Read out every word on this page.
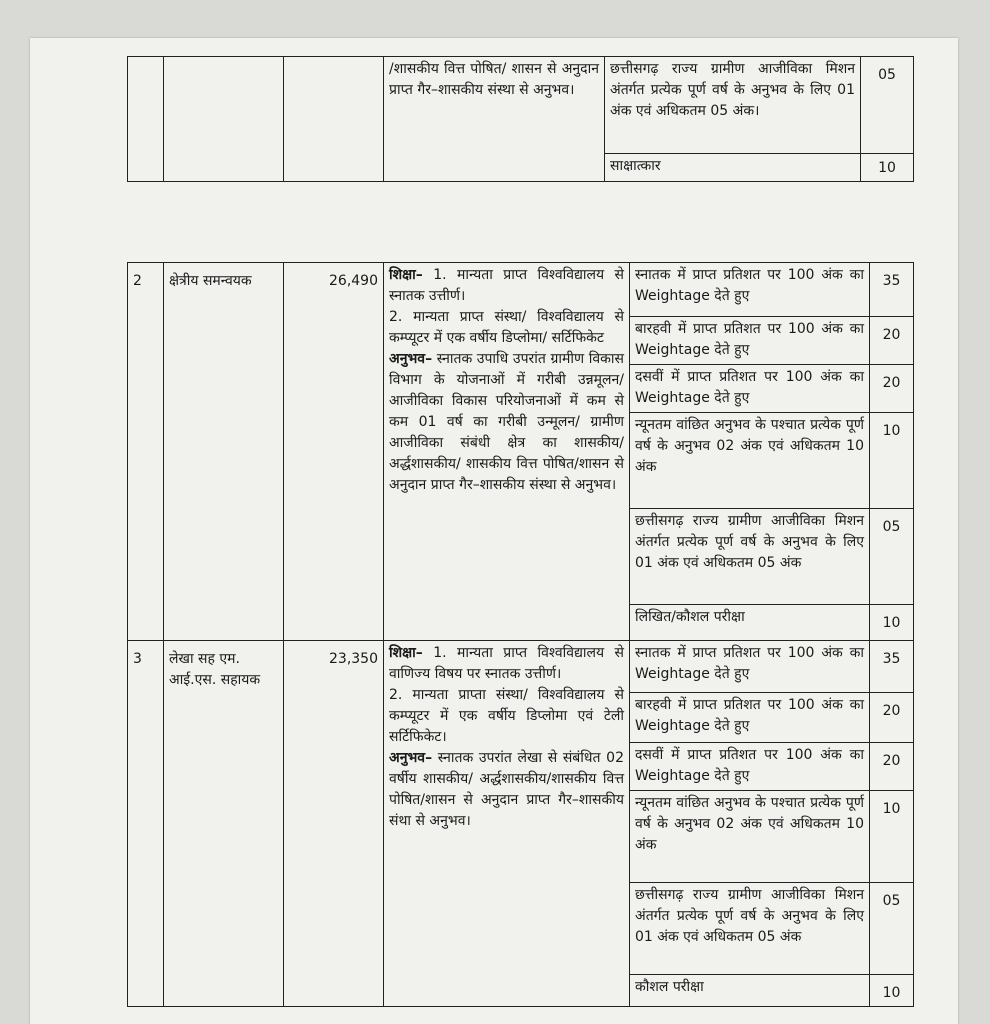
			/शासकीय वित्त पोषित/ शासन से अनुदान प्राप्त गैर–शासकीय संस्था से अनुभव।	छत्तीसगढ़ राज्य ग्रामीण आजीविका मिशन अंतर्गत प्रत्येक पूर्ण वर्ष के अनुभव के लिए 01 अंक एवं अधिकतम 05 अंक।	05
				साक्षात्कार	10
2	क्षेत्रीय समन्वयक	26,490	शिक्षा– 1. मान्यता प्राप्त विश्वविद्यालय से स्नातक उत्तीर्ण।

2. मान्यता प्राप्त संस्था/ विश्वविद्यालय से कम्प्यूटर में एक वर्षीय डिप्लोमा/ सर्टिफिकेट

अनुभव– स्नातक उपाधि उपरांत ग्रामीण विकास विभाग के योजनाओं में गरीबी उन्नमूलन/आजीविका विकास परियोजनाओं में कम से कम 01 वर्ष का गरीबी उन्मूलन/ ग्रामीण आजीविका संबंधी क्षेत्र का शासकीय/अर्द्धशासकीय/ शासकीय वित्त पोषित/शासन से अनुदान प्राप्त गैर–शासकीय संस्था से अनुभव।	स्नातक में प्राप्त प्रतिशत पर 100 अंक का Weightage देते हुए	35
				बारहवी में प्राप्त प्रतिशत पर 100 अंक का Weightage देते हुए	20
				दसवीं में प्राप्त प्रतिशत पर 100 अंक का Weightage देते हुए	20
				न्यूनतम वांछित अनुभव के पश्चात प्रत्येक पूर्ण वर्ष के अनुभव 02 अंक एवं अधिकतम 10 अंक	10
				छत्तीसगढ़ राज्य ग्रामीण आजीविका मिशन अंतर्गत प्रत्येक पूर्ण वर्ष के अनुभव के लिए 01 अंक एवं अधिकतम 05 अंक	05
				लिखित/कौशल परीक्षा	10
3	लेखा सह एम. आई.एस. सहायक	23,350	शिक्षा– 1. मान्यता प्राप्त विश्वविद्यालय से वाणिज्य विषय पर स्नातक उत्तीर्ण।

2. मान्यता प्राप्ता संस्था/ विश्वविद्यालय से कम्प्यूटर में एक वर्षीय डिप्लोमा एवं टेली सर्टिफिकेट।

अनुभव– स्नातक उपरांत लेखा से संबंधित 02 वर्षीय शासकीय/ अर्द्धशासकीय/शासकीय वित्त पोषित/शासन से अनुदान प्राप्त गैर–शासकीय संथा से अनुभव।	स्नातक में प्राप्त प्रतिशत पर 100 अंक का Weightage देते हुए	35
				बारहवी में प्राप्त प्रतिशत पर 100 अंक का Weightage देते हुए	20
				दसवीं में प्राप्त प्रतिशत पर 100 अंक का Weightage देते हुए	20
				न्यूनतम वांछित अनुभव के पश्चात प्रत्येक पूर्ण वर्ष के अनुभव 02 अंक एवं अधिकतम 10 अंक	10
				छत्तीसगढ़ राज्य ग्रामीण आजीविका मिशन अंतर्गत प्रत्येक पूर्ण वर्ष के अनुभव के लिए 01 अंक एवं अधिकतम 05 अंक	05
				कौशल परीक्षा	10
